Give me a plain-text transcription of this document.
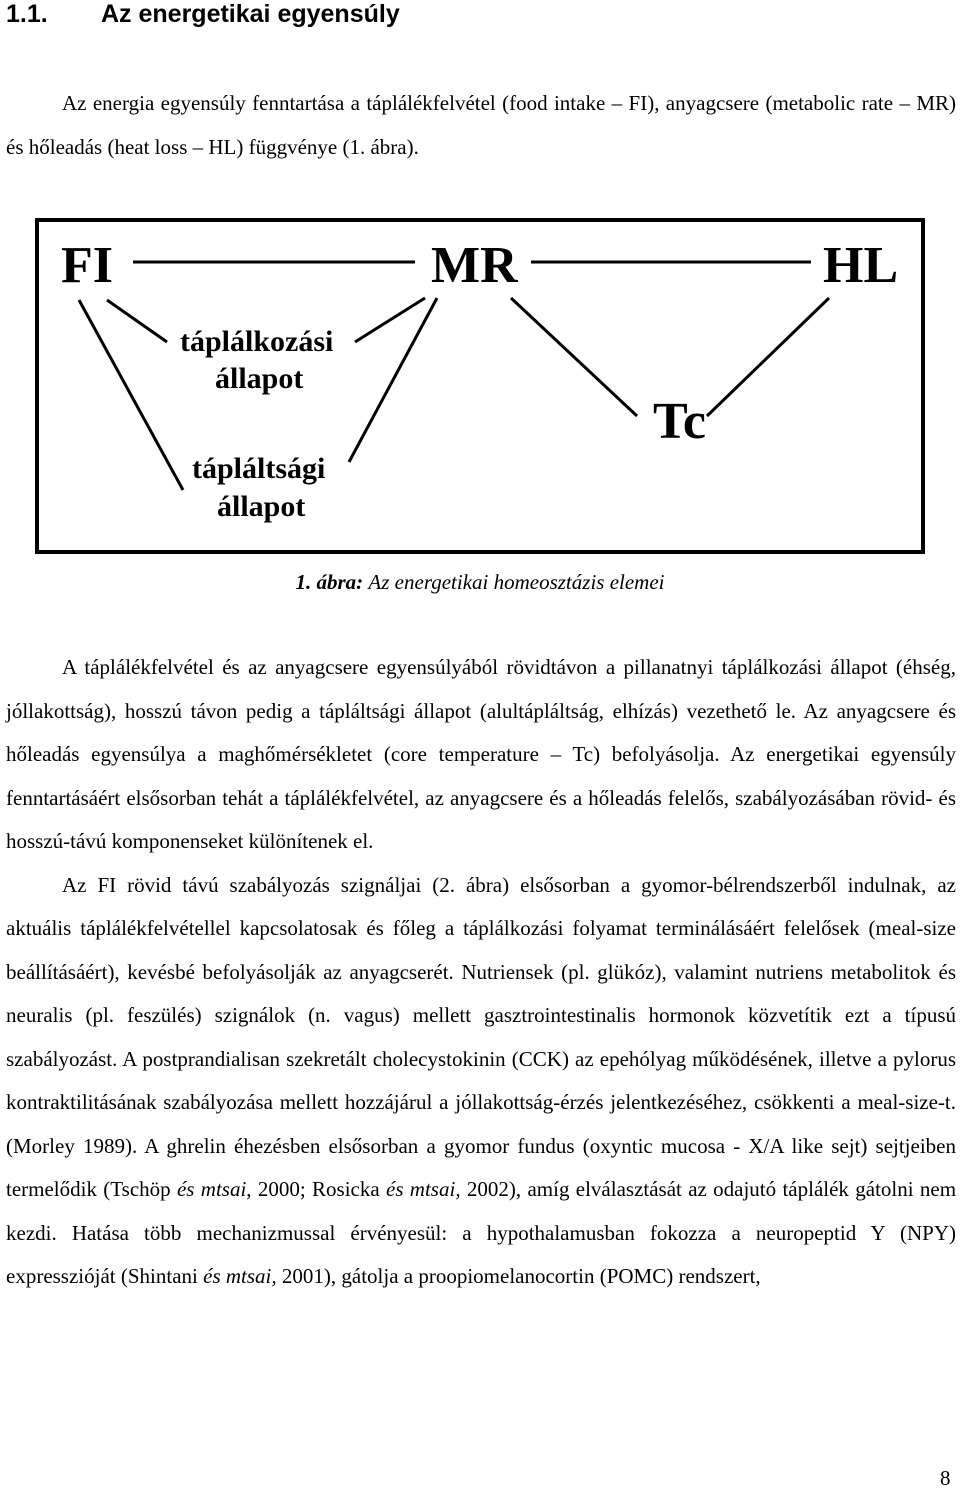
1.1. Az energetikai egyensúly

Az energia egyensúly fenntartása a táplálékfelvétel (food intake – FI), anyagcsere (metabolic rate – MR) és hőleadás (heat loss – HL) függvénye (1. ábra).

FI	MR	HL
Tc
táplálkozási
állapot
tápláltsági
állapot

1. ábra: Az energetikai homeosztázis elemei

A táplálékfelvétel és az anyagcsere egyensúlyából rövidtávon a pillanatnyi táplálkozási állapot (éhség, jóllakottság), hosszú távon pedig a tápláltsági állapot (alultápláltság, elhízás) vezethető le. Az anyagcsere és hőleadás egyensúlya a maghőmérsékletet (core temperature – Tc) befolyásolja. Az energetikai egyensúly fenntartásáért elsősorban tehát a táplálékfelvétel, az anyagcsere és a hőleadás felelős, szabályozásában rövid- és hosszú-távú komponenseket különítenek el.
Az FI rövid távú szabályozás szignáljai (2. ábra) elsősorban a gyomor-bélrendszerből indulnak, az aktuális táplálékfelvétellel kapcsolatosak és főleg a táplálkozási folyamat terminálásáért felelősek (meal-size beállításáért), kevésbé befolyásolják az anyagcserét. Nutriensek (pl. glükóz), valamint nutriens metabolitok és neuralis (pl. feszülés) szignálok (n. vagus) mellett gasztrointestinalis hormonok közvetítik ezt a típusú szabályozást. A postprandialisan szekretált cholecystokinin (CCK) az epehólyag működésének, illetve a pylorus kontraktilitásának szabályozása mellett hozzájárul a jóllakottság-érzés jelentkezéséhez, csökkenti a meal-size-t. (Morley 1989). A ghrelin éhezésben elsősorban a gyomor fundus (oxyntic mucosa - X/A like sejt) sejtjeiben termelődik (Tschöp és mtsai, 2000; Rosicka és mtsai, 2002), amíg elválasztását az odajutó táplálék gátolni nem kezdi. Hatása több mechanizmussal érvényesül: a hypothalamusban fokozza a neuropeptid Y (NPY) expresszióját (Shintani és mtsai, 2001), gátolja a proopiomelanocortin (POMC) rendszert,
8
